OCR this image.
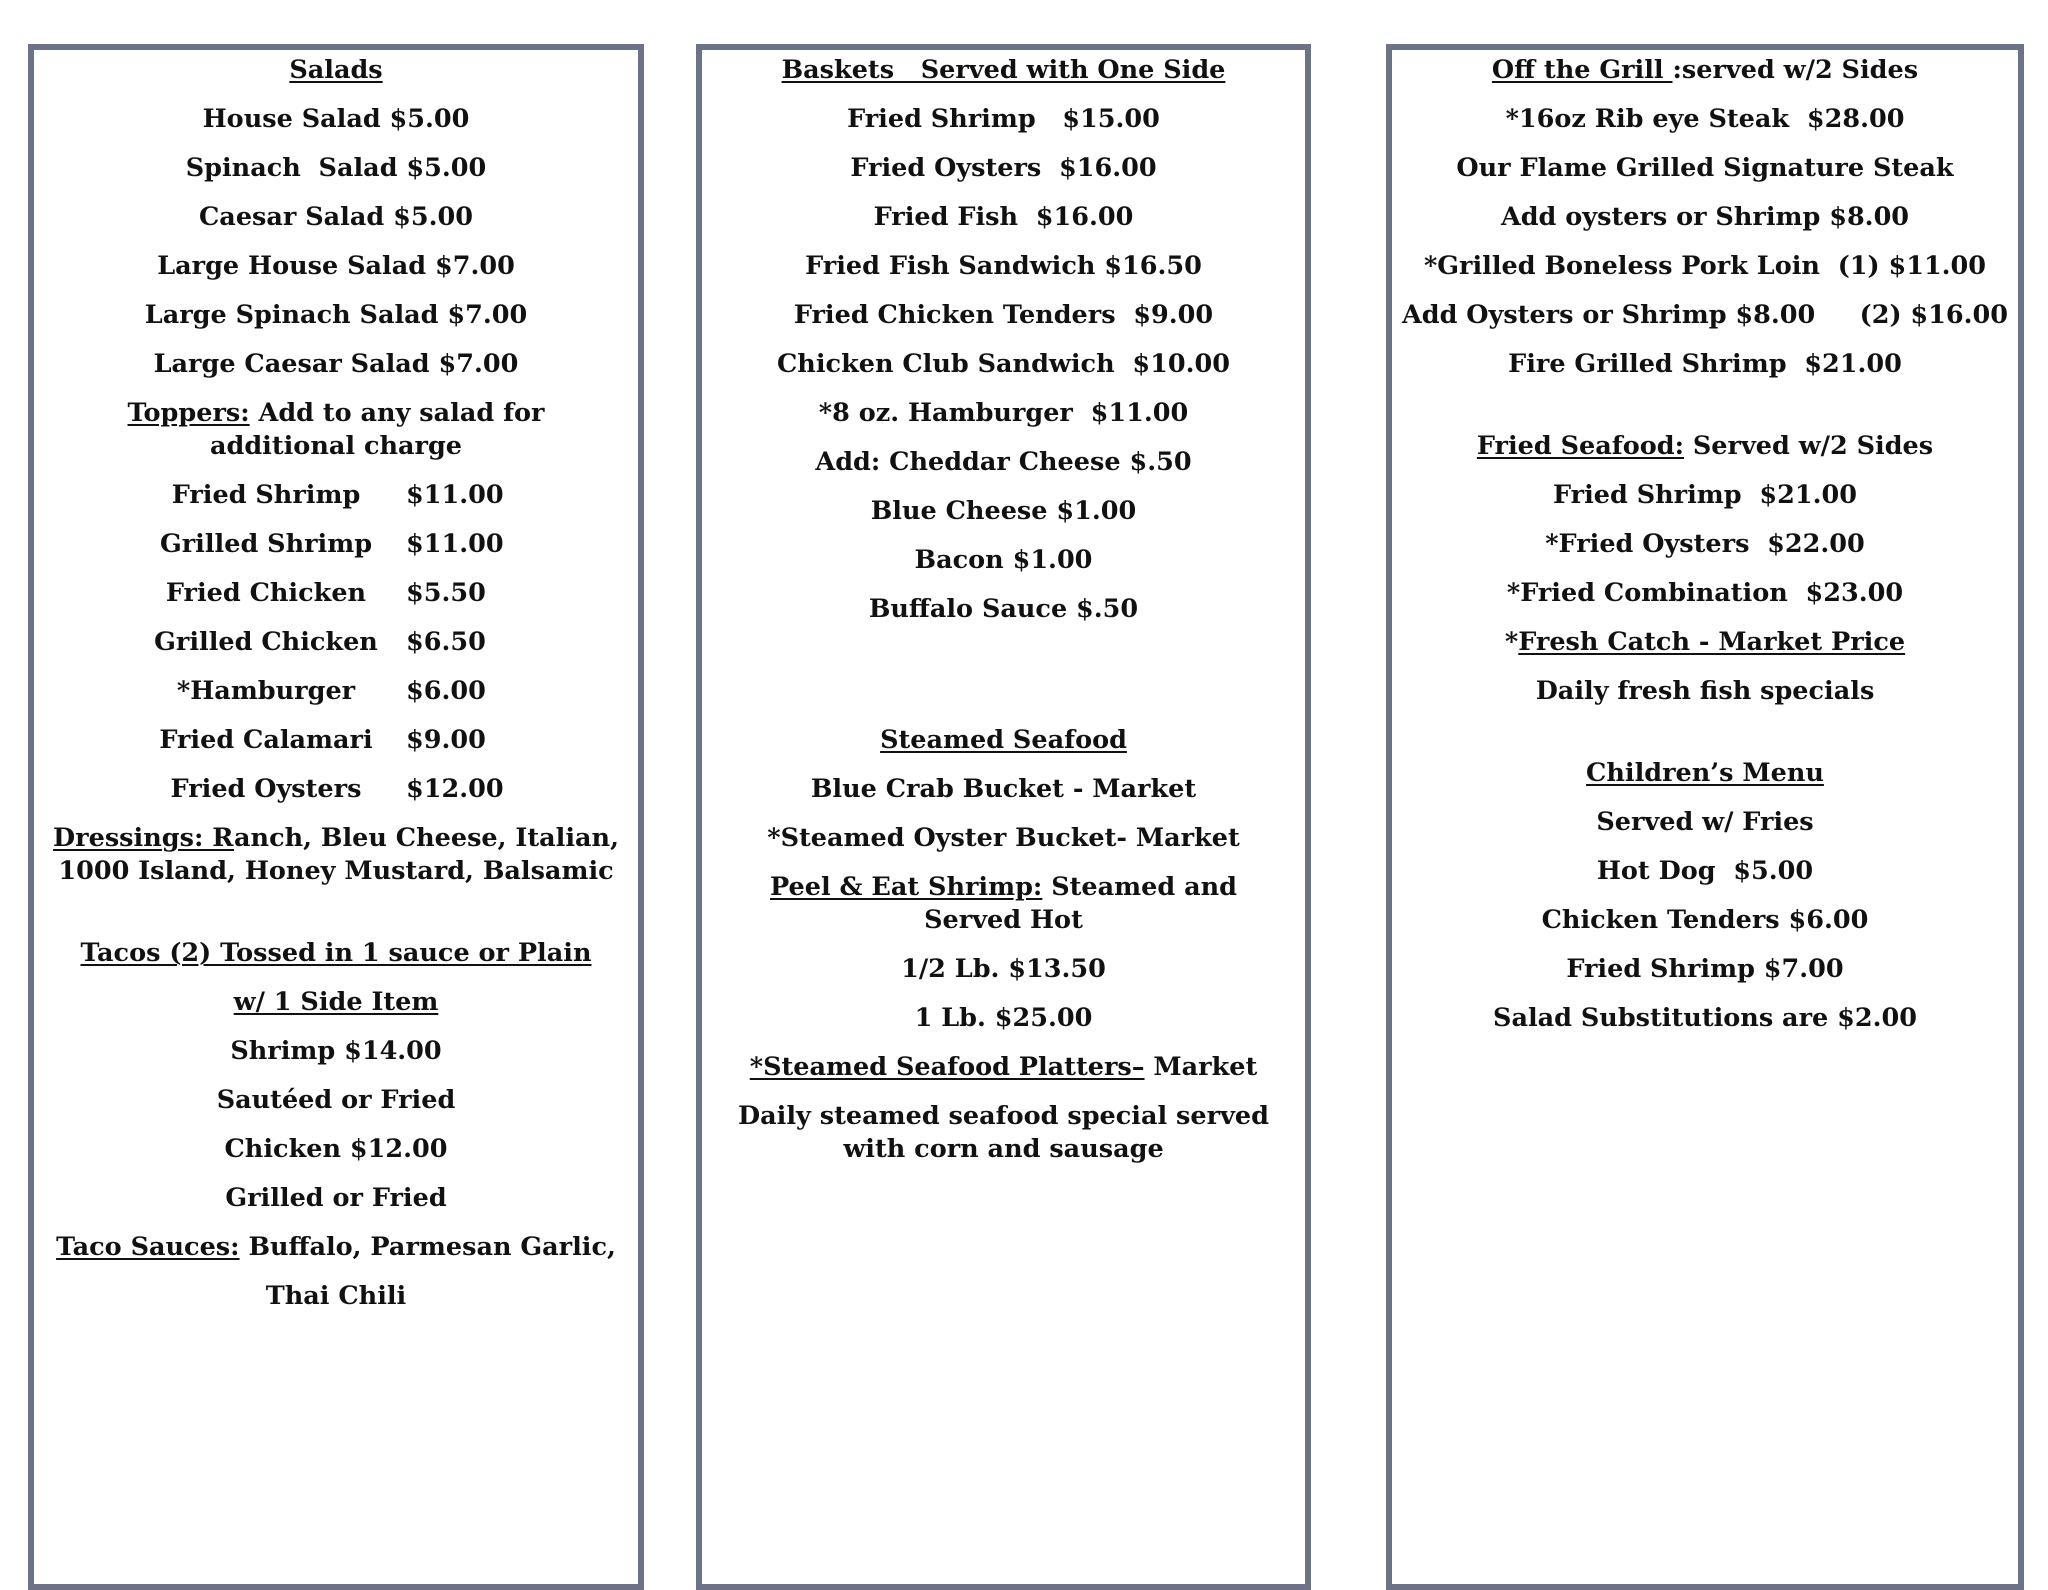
Salads
House Salad $5.00
Spinach  Salad $5.00
Caesar Salad $5.00
Large House Salad $7.00
Large Spinach Salad $7.00
Large Caesar Salad $7.00
Toppers: Add to any salad for additional charge
Fried Shrimp	$11.00
Grilled Shrimp	$11.00
Fried Chicken	$5.50
Grilled Chicken	$6.50
*Hamburger	$6.00
Fried Calamari	$9.00
Fried Oysters	$12.00
Dressings: Ranch, Bleu Cheese, Italian, 1000 Island, Honey Mustard, Balsamic
Tacos (2) Tossed in 1 sauce or Plain
w/ 1 Side Item
Shrimp $14.00
Sautéed or Fried
Chicken $12.00
Grilled or Fried
Taco Sauces: Buffalo, Parmesan Garlic,
Thai Chili
Baskets   Served with One Side
Fried Shrimp   $15.00
Fried Oysters  $16.00
Fried Fish  $16.00
Fried Fish Sandwich $16.50
Fried Chicken Tenders  $9.00
Chicken Club Sandwich  $10.00
*8 oz. Hamburger  $11.00
Add: Cheddar Cheese $.50
Blue Cheese $1.00
Bacon $1.00
Buffalo Sauce $.50
Steamed Seafood
Blue Crab Bucket - Market
*Steamed Oyster Bucket- Market
Peel & Eat Shrimp: Steamed and Served Hot
1/2 Lb. $13.50
1 Lb. $25.00
*Steamed Seafood Platters– Market
Daily steamed seafood special served with corn and sausage
Off the Grill :served w/2 Sides
*16oz Rib eye Steak  $28.00
Our Flame Grilled Signature Steak
Add oysters or Shrimp $8.00
*Grilled Boneless Pork Loin  (1) $11.00
Add Oysters or Shrimp $8.00     (2) $16.00
Fire Grilled Shrimp  $21.00
Fried Seafood: Served w/2 Sides
Fried Shrimp  $21.00
*Fried Oysters  $22.00
*Fried Combination  $23.00
*Fresh Catch - Market Price
Daily fresh fish specials
Children’s Menu
Served w/ Fries
Hot Dog  $5.00
Chicken Tenders $6.00
Fried Shrimp $7.00
Salad Substitutions are $2.00
